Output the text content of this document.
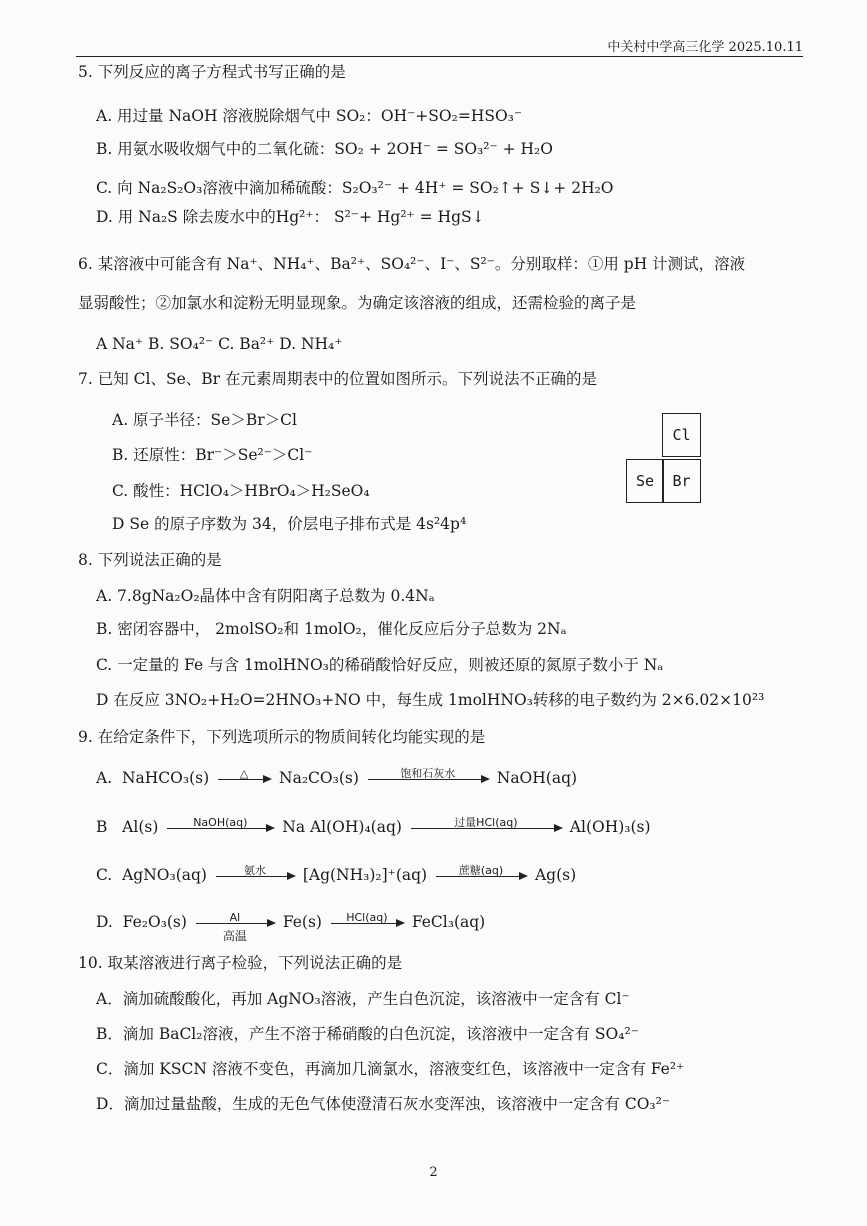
中关村中学高三化学 2025.10.11
5. 下列反应的离子方程式书写正确的是
A. 用过量 NaOH 溶液脱除烟气中 SO₂：OH⁻+SO₂=HSO₃⁻
B. 用氨水吸收烟气中的二氧化硫：SO₂ + 2OH⁻ = SO₃²⁻ + H₂O
C. 向 Na₂S₂O₃溶液中滴加稀硫酸：S₂O₃²⁻ + 4H⁺ = SO₂↑+ S↓+ 2H₂O
D. 用 Na₂S 除去废水中的Hg²⁺： S²⁻+ Hg²⁺ = HgS↓
6. 某溶液中可能含有 Na⁺、NH₄⁺、Ba²⁺、SO₄²⁻、I⁻、S²⁻。分别取样：①用 pH 计测试，溶液
显弱酸性；②加氯水和淀粉无明显现象。为确定该溶液的组成，还需检验的离子是
A Na⁺ B. SO₄²⁻ C. Ba²⁺ D. NH₄⁺
7. 已知 Cl、Se、Br 在元素周期表中的位置如图所示。下列说法不正确的是
A. 原子半径：Se＞Br＞Cl
B. 还原性：Br⁻＞Se²⁻＞Cl⁻
C. 酸性：HClO₄＞HBrO₄＞H₂SeO₄
D Se 的原子序数为 34，价层电子排布式是 4s²4p⁴
Cl
Se	Br
8. 下列说法正确的是
A. 7.8gNa₂O₂晶体中含有阴阳离子总数为 0.4Nₐ
B. 密闭容器中， 2molSO₂和 1molO₂，催化反应后分子总数为 2Nₐ
C. 一定量的 Fe 与含 1molHNO₃的稀硝酸恰好反应，则被还原的氮原子数小于 Nₐ
D 在反应 3NO₂+H₂O=2HNO₃+NO 中，每生成 1molHNO₃转移的电子数约为 2×6.02×10²³
9. 在给定条件下，下列选项所示的物质间转化均能实现的是
A. NaHCO₃(s)	△	Na₂CO₃(s)	饱和石灰水	NaOH(aq)
B Al(s)	NaOH(aq)	Na Al(OH)₄(aq)	过量HCl(aq)	Al(OH)₃(s)
C. AgNO₃(aq)	氨水	[Ag(NH₃)₂]⁺(aq)	蔗糖(aq)	Ag(s)
D. Fe₂O₃(s)	Al
高温
Fe(s)	HCl(aq)	FeCl₃(aq)
10. 取某溶液进行离子检验，下列说法正确的是
A．滴加硫酸酸化，再加 AgNO₃溶液，产生白色沉淀，该溶液中一定含有 Cl⁻
B．滴加 BaCl₂溶液，产生不溶于稀硝酸的白色沉淀，该溶液中一定含有 SO₄²⁻
C．滴加 KSCN 溶液不变色，再滴加几滴氯水，溶液变红色，该溶液中一定含有 Fe²⁺
D．滴加过量盐酸，生成的无色气体使澄清石灰水变浑浊，该溶液中一定含有 CO₃²⁻
2
